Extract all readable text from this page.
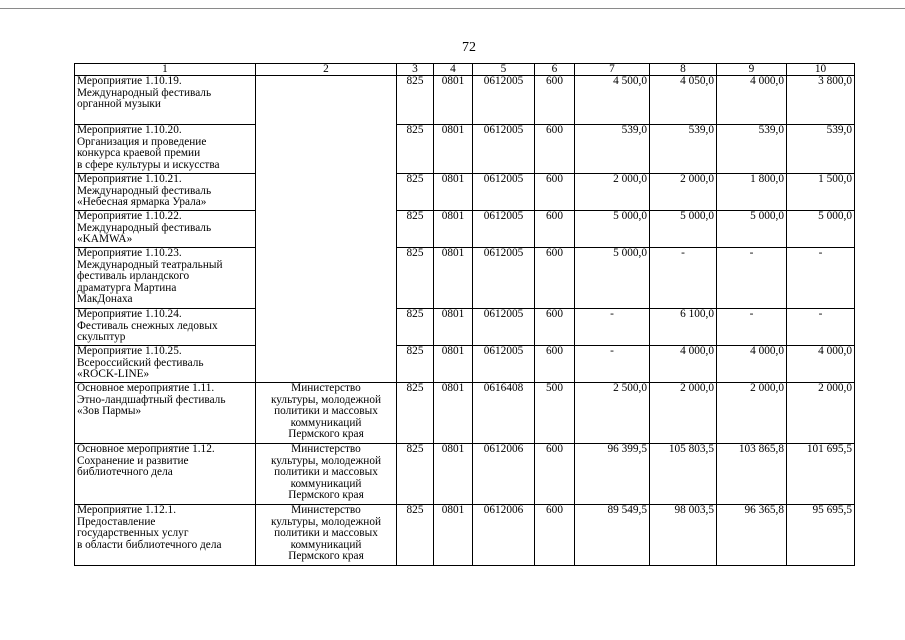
72
1	2	3	4	5	6	7	8	9	10
Мероприятие 1.10.19.
Международный фестиваль
органной музыки		825	0801	0612005	600	4 500,0	4 050,0	4 000,0	3 800,0
Мероприятие 1.10.20.
Организация и проведение
конкурса краевой премии
в сфере культуры и искусства		825	0801	0612005	600	539,0	539,0	539,0	539,0
Мероприятие 1.10.21.
Международный фестиваль
«Небесная ярмарка Урала»		825	0801	0612005	600	2 000,0	2 000,0	1 800,0	1 500,0
Мероприятие 1.10.22.
Международный фестиваль
«KAMWA»		825	0801	0612005	600	5 000,0	5 000,0	5 000,0	5 000,0
Мероприятие 1.10.23.
Международный театральный
фестиваль ирландского
драматурга Мартина
МакДонаха		825	0801	0612005	600	5 000,0	-	-	-
Мероприятие 1.10.24.
Фестиваль снежных ледовых
скульптур		825	0801	0612005	600	-	6 100,0	-	-
Мероприятие 1.10.25.
Всероссийский фестиваль
«ROCK-LINE»		825	0801	0612005	600	-	4 000,0	4 000,0	4 000,0
Основное мероприятие 1.11.
Этно-ландшафтный фестиваль
«Зов Пармы»	Министерство
культуры, молодежной
политики и массовых
коммуникаций
Пермского края	825	0801	0616408	500	2 500,0	2 000,0	2 000,0	2 000,0
Основное мероприятие 1.12.
Сохранение и развитие
библиотечного дела	Министерство
культуры, молодежной
политики и массовых
коммуникаций
Пермского края	825	0801	0612006	600	96 399,5	105 803,5	103 865,8	101 695,5
Мероприятие 1.12.1.
Предоставление
государственных услуг
в области библиотечного дела	Министерство
культуры, молодежной
политики и массовых
коммуникаций
Пермского края	825	0801	0612006	600	89 549,5	98 003,5	96 365,8	95 695,5
